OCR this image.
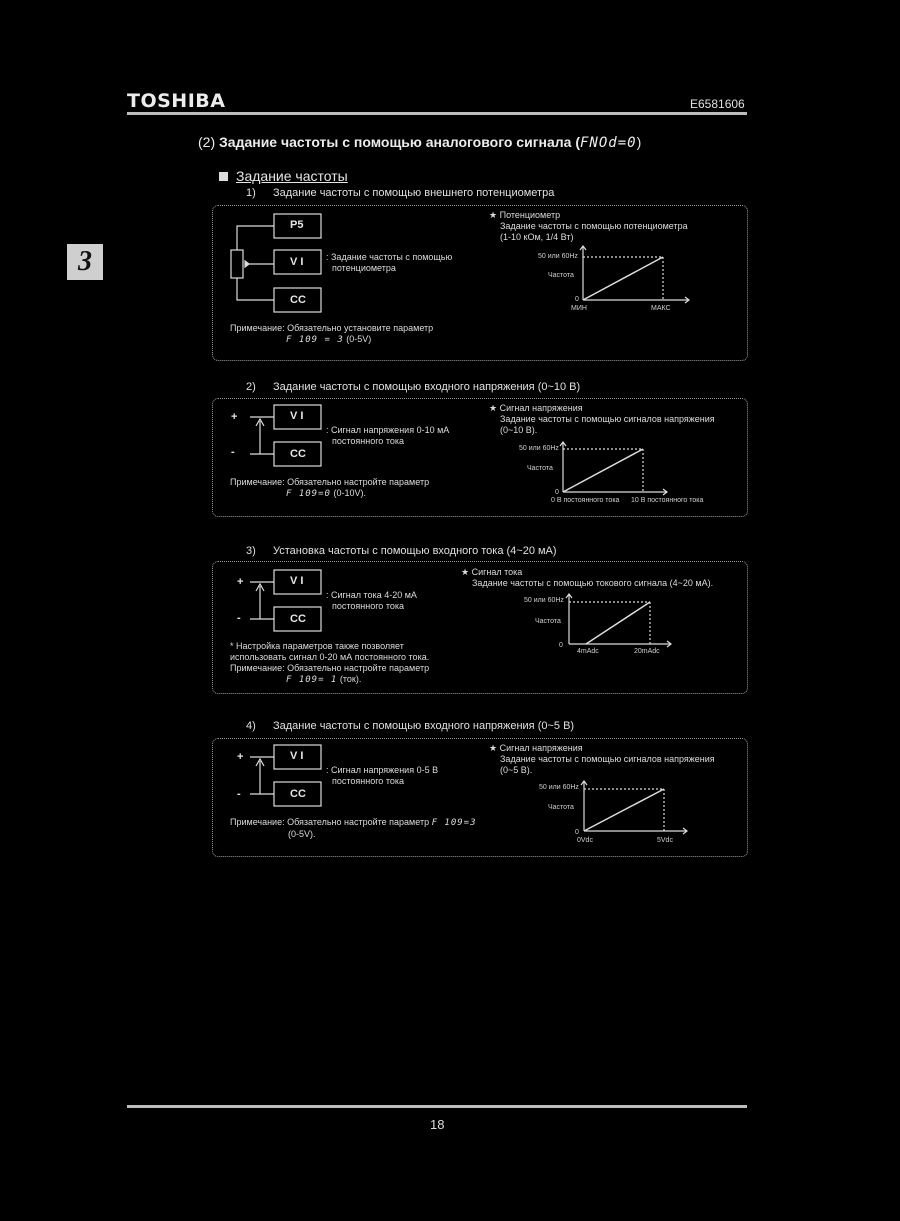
TOSHIBA	E6581606
3
(2) Задание частоты с помощью аналогового сигнала (FNOd=0)
Задание частоты
1) Задание частоты с помощью внешнего потенциометра
P5
V I
CC
: Задание частоты с помощью
потенциометра
Примечание: Обязательно установите параметр
F 109 = 3 (0-5V)
★ Потенциометр
Задание частоты с помощью потенциометра
(1-10 кОм, 1/4 Вт)
50 или 60Hz
Частота
0
МИН	МАКС
2) Задание частоты с помощью входного напряжения (0~10 В)
+
-
V I
CC
: Сигнал напряжения 0-10 мА
постоянного тока
Примечание: Обязательно настройте параметр
F 109=0 (0-10V).
★ Сигнал напряжения
Задание частоты с помощью сигналов напряжения
(0~10 В).
50 или 60Hz
Частота
0
0 В постоянного тока 10 В постоянного тока
3) Установка частоты с помощью входного тока (4~20 мА)
+
-
V I
CC
: Сигнал тока 4-20 мА
постоянного тока
* Настройка параметров также позволяет
использовать сигнал 0-20 мА постоянного тока.
Примечание: Обязательно настройте параметр
F 109= 1 (ток).
★ Сигнал тока
Задание частоты с помощью токового сигнала (4~20 мА).
50 или 60Hz
Частота
0
4mAdc	20mAdc
4) Задание частоты с помощью входного напряжения (0~5 В)
+
-
V I
CC
: Сигнал напряжения 0-5 В
постоянного тока
Примечание: Обязательно настройте параметр F 109=3
(0-5V).
★ Сигнал напряжения
Задание частоты с помощью сигналов напряжения
(0~5 В).
50 или 60Hz
Частота
0
0Vdc	5Vdc
18
